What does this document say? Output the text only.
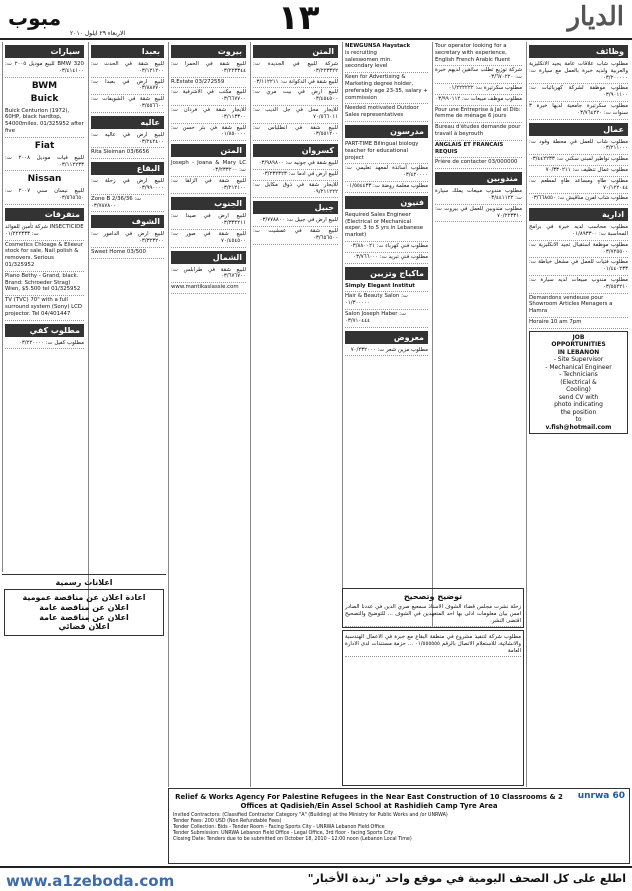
الديار
١٣
مبوب
الاربعاء ٢٩ ايلول ٢٠١٠
وظائف
مطلوب شاب علاقات عامة يجيد الانكليزية والعربية ولديه خبرة بالعمل مع سيارة ت: ٠٣/٢٠٠٠٠٠
مطلوب موظفة لشركة كهربائيات ت: ٠٣/٩٠١١٠٠
مطلوب سكرتيرة جامعية لديها خبرة ٣ سنوات ت: ٠٣/٧٦٤٢٢٠
عمال
مطلوب شاب للعمل في محطة وقود ت: ٠٣/٢١١٠٠٠
مطلوب نواطير لمبنى سكني ت: ٠٣/٤٤٢٢٣٣
مطلوب عمال تنظيف ت: ٧٠/٣٣٠٢١١
مطلوب طاهٍ ومساعد طاهٍ لمطعم ت: ٧٠/١٢٢٠٤٤
مطلوب شاب لفرن مناقيش ت: ٠٣/٦٦٨٥٥٠
ادارية
مطلوب محاسب لديه خبرة في برامج المحاسبة ت: ٠١/٨٩٣٣٠٠
مطلوب موظفة استقبال تجيد الانكليزية ت: ٠٣/٧٢٥٥٠٠
مطلوب فتيات للعمل في مشغل خياطة ت: ٠١/٤٤٠٢٣٣
مطلوب مندوب مبيعات لديه سيارة ت: ٠٣/٥٥٢٢١٠
Demandons vendeuse pour Showroom Articles Menagers a Hamra
Horaire 10 am 7pm
JOB
OPPORTUNITIES
IN LEBANON
- Site Supervisor
- Mechanical Engineer
- Technicians
(Electrical &
Cooling)
send CV with
photo indicating
the position
to
v.fish@hotmail.com
Tour operator looking for a secretary with experience, English French Arabic fluent
شركة توزيع تطلب سائقين لديهم خبرة ت: ٠٣/٦٧٠٢٢٠
مطلوب سكرتيرة ت: ٠١/٢٢٢٢٢٢
مطلوب موظف مبيعات ت: ٠٣/٩٩٠١١٢
Pour une Entreprise à Jal el Dib: femme de ménage 6 jours
Bureau d'études demande pour travail à beyrouth
ANGLAIS ET FRANCAIS REQUIS
Prière de contacter 03/000000
مندوبين
مطلوب مندوب مبيعات يملك سيارة ت: ٠٣/٤٤١١٢٢
مطلوب مندوبين للعمل في بيروت ت: ٧٠/٢٢٣٣١٠
NEWGUNSA Haystack
is recruiting
saleswomen min.
secondary level
Keen for Advertising & Marketing degree holder, preferably age 23-35, salary + commission
Needed motivated Outdoor Sales representatives
مدرسون
PART-TIME Bilingual biology teacher for educational project
مطلوب أساتذة لمعهد تعليمي ت: ٠٣/٤٢٠٠٠٠
مطلوب معلمة روضة ت: ٠١/٥٥٤٤٣٣
فنيون
Required Sales Engineer (Electrical or Mechanical exper. 3 to 5 yrs in Lebanese market)
مطلوب فني كهرباء ت: ٠٣/٨٨٠٠٢١
مطلوب فني تبريد ت: ٠٣/٧٦٦٠٠٠
ماكياج وتزيين
Simply Elegant Institut
Hair & Beauty Salon ت: ٠١/٣٠٠٠٠٠
Salon Joseph Haber ت: ٠٣/٧١٠٤٤٤
معروض
مطلوب مزين شعر ت: ٧٠/٢٣٢٠٠٠
المتن
شركة للبيع في الجديدة ت: ٠٣/٢٢٣٣٢٢
للبيع شقة في الدكوانة ت: ٠٣/١١٢٢١١
للبيع ارض في بيت مري ت: ٠٣/٤٥٤٥٠٠
للايجار محل في جل الديب ت: ٧٠/٥٦٦٠١١
للبيع شقة في انطلياس ت: ٠٣/٥٥١٢٠٠
كسروان
للبيع شقة في جونيه ت: ٠٣/٩٨٩٨٠٠
للبيع ارض في ادما ت: ٠٣/٢٣٢٣٢٣
للايجار شقة في ذوق مكايل ت: ٠٩/٢١١٢٢٢
جبيل
للبيع ارض في جبيل ت: ٠٣/٧٧٨٨٠٠
للبيع شقة في عمشيت ت: ٠٣/٦٥٦٥٠٠
بيروت
للبيع شقة في الحمرا ت: ٠٣/٢٢٣٣٤٤
R.Estate 03/272559
للبيع مكتب في الاشرفية ت: ٠٣/٦٦٧٧٠٠
للايجار شقة في فردان ت: ٠٣/١١٣٣٠٠
للبيع شقة في بئر حسن ت: ٠١/٨٥٠٠٠٠
المتن
Joseph - Joana & Mary LC ت: ٠٣/٢٣٣٢٠٠
للبيع شقة في الزلقا ت: ٠٣/٢١٢١٠٠
الجنوب
للبيع ارض في صيدا ت: ٠٣/٣٣٢٢١١
للبيع شقة في صور ت: ٧٠/٤٥٤٥٠٠
الشمال
للبيع شقة في طرابلس ت: ٠٣/٦٧٦٧٠٠
www.mantikaslassie.com
بعبدا
للبيع شقة في الحدث ت: ٠٣/١٢١٢٠٠
للبيع ارض في بعبدا ت: ٠٣/٨٨٧٧٠٠
للبيع شقة في الشويفات ت: ٠٣/٥٥٦٦٠٠
عاليه
للبيع ارض في عاليه ت: ٠٣/٢٤٢٤٠٠
Rita Sleiman 03/6656
البقاع
للبيع ارض في زحلة ت: ٠٣/٩٩٠٠٠٠
Zone B 2/36/36 ت: ٠٣/٧٨٧٨٠٠
الشوف
للبيع ارض في الدامور ت: ٠٣/٣٢٣٢٠٠
Sweet Home 03/500
سيارات
BMW 320 للبيع موديل ٢٠٠٥ ت: ٠٣/٤١٤١٠٠
BWM
Buick
Buick Centurion (1972), 60HP, black hardtop, 54000miles. 01/325952 after five
Fiat
للبيع فيات موديل ٢٠٠٨ ت: ٠٣/١١٢٢٣٣
Nissan
للبيع نيسان سني ٢٠٠٧ ت: ٠٣/٥٦٥٦٥٠
متفرقات
شركة تأمين للفوائد INSECTICIDE ت: ٠١/٢٢٢٣٣٣
Cosmetics Chloage & Elleeur stock for sale, Nail polish & removers. Serious 01/325952
Piano Bethy - Grand, black. Brand: Schroeder Strag) Wien, $5.500 tel 01/325952
TV (TVC) 70" with a full surround system (Sony) LCD projector. Tel 04/401447
مطلوب كفي
مطلوب كفيل ت: ٠٣/٢٢٠٠٠٠
اعلانات رسمية
اعادة اعلان عن مناقصة عمومية
اعلان عن مناقصة عامة
اعلان عن مناقصة عامة
اعلان قضائي
توضيح وتصحيح
زحلة نشرت مجلس قضاء الشوف الاستاذ سمعيع صري الدين في عددنا الصادر امس بيان معلومات ادلى بها احد المتعهدين في الشوف ... للتوضيح والتصحيح اقتضى النشر.
مطلوب شركة لتنفيذ مشروع في منطقة البقاع مع خبرة في الاعمال الهندسية والانشائية، للاستعلام الاتصال بالرقم ٠١/٥٥٥٥٥٥ ... حزمة مستندات لدى الادارة العامة
unrwa 60
Relief & Works Agency For Palestine Refugees in the Near East Construction of 10 Classrooms & 2 Offices at Qadisieh/Ein Assel School at Rashidieh Camp Tyre Area
Invited Contractors: (Classified Contractor Category "A" (Building) at the Ministry for Public Works and /or UNRWA)
Tender Fees: 200 USD (Non Refundable Fees)
Tender Collection: Bids - Tender Room - Facing Sports City - UNRWA Lebanon Field Office
Tender Submission: UNRWA Lebanon Field Office - Legal Office, 3rd floor - facing Sports City
Closing Date: Tenders due to be submitted on October 18, 2010 - 12:00 noon (Lebanon Local Time)
www.a1zeboda.com	اطلع على كل الصحف اليومية في موقع واحد "زبدة الأخبار"
